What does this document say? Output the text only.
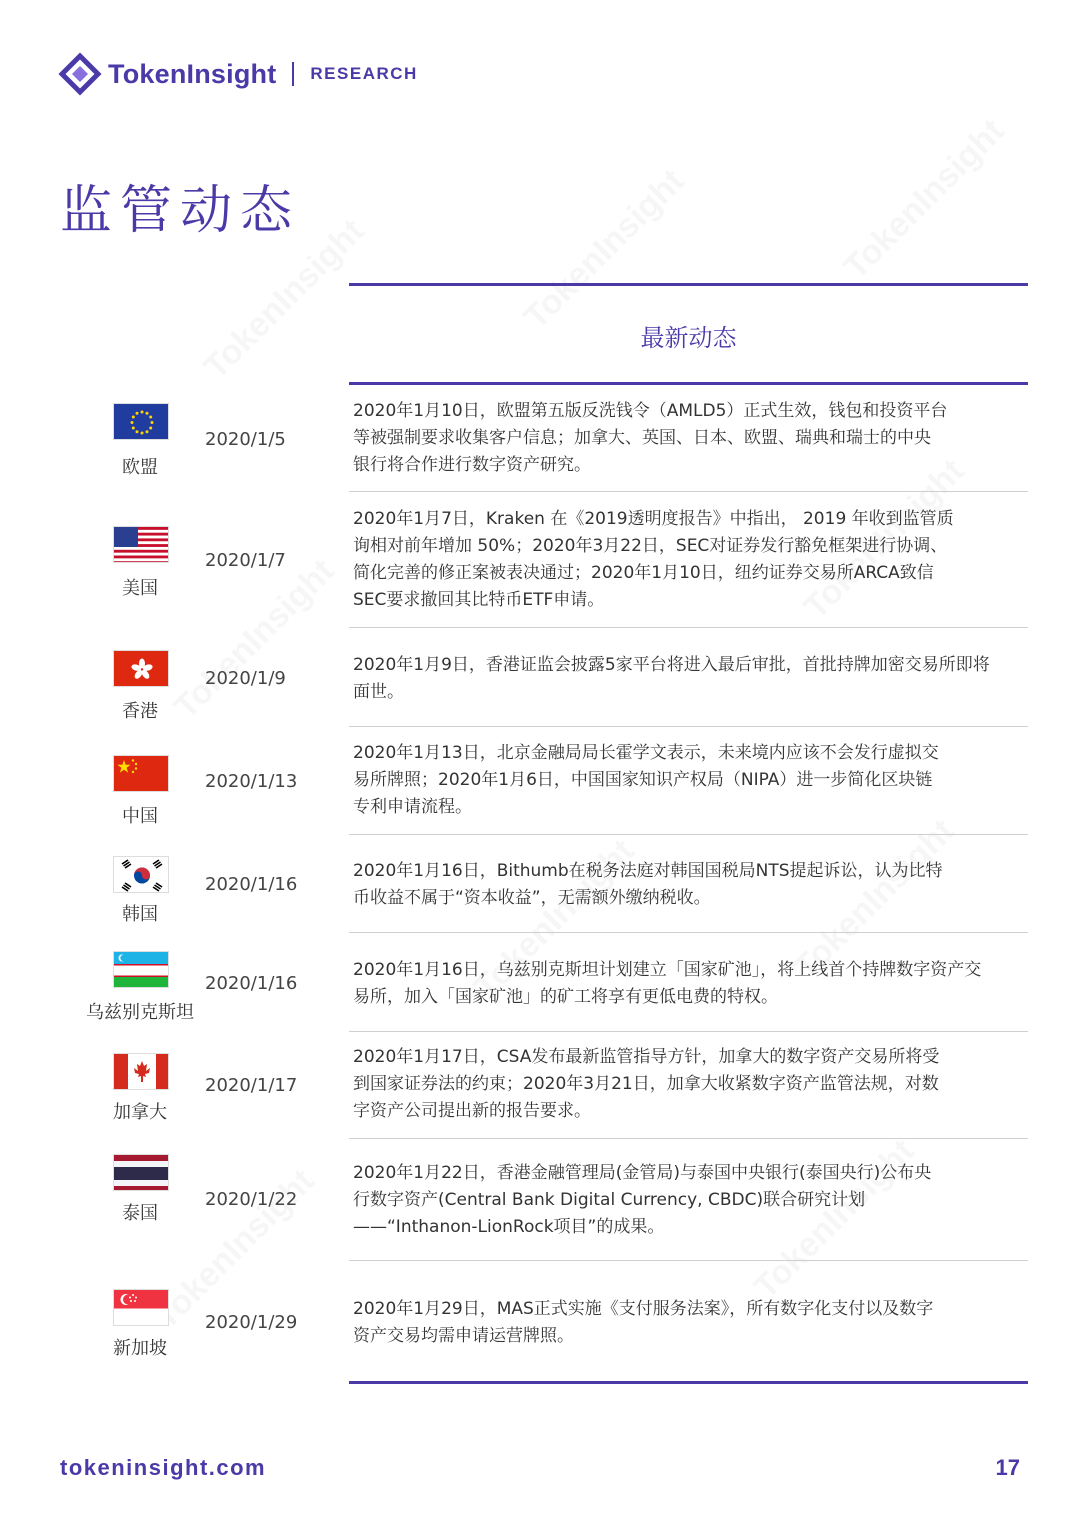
TokenInsight RESEARCH
监管动态
最新动态
欧盟
2020/1/5
2020年1月10日，欧盟第五版反洗钱令（AMLD5）正式生效，钱包和投资平台
等被强制要求收集客户信息；加拿大、英国、日本、欧盟、瑞典和瑞士的中央
银行将合作进行数字资产研究。
美国
2020/1/7
2020年1月7日，Kraken 在《2019透明度报告》中指出， 2019 年收到监管质
询相对前年增加 50%；2020年3月22日，SEC对证券发行豁免框架进行协调、
简化完善的修正案被表决通过；2020年1月10日，纽约证券交易所ARCA致信
SEC要求撤回其比特币ETF申请。
香港
2020/1/9
2020年1月9日，香港证监会披露5家平台将进入最后审批，首批持牌加密交易所即将
面世。
中国
2020/1/13
2020年1月13日，北京金融局局长霍学文表示，未来境内应该不会发行虚拟交
易所牌照；2020年1月6日，中国国家知识产权局（NIPA）进一步简化区块链
专利申请流程。
韩国
2020/1/16
2020年1月16日，Bithumb在税务法庭对韩国国税局NTS提起诉讼，认为比特
币收益不属于“资本收益”，无需额外缴纳税收。
乌兹别克斯坦
2020/1/16
2020年1月16日，乌兹别克斯坦计划建立「国家矿池」，将上线首个持牌数字资产交
易所，加入「国家矿池」的矿工将享有更低电费的特权。
加拿大
2020/1/17
2020年1月17日，CSA发布最新监管指导方针，加拿大的数字资产交易所将受
到国家证券法的约束；2020年3月21日，加拿大收紧数字资产监管法规，对数
字资产公司提出新的报告要求。
泰国
2020/1/22
2020年1月22日，香港金融管理局(金管局)与泰国中央银行(泰国央行)公布央
行数字资产(Central Bank Digital Currency, CBDC)联合研究计划
——“Inthanon-LionRock项目”的成果。
新加坡
2020/1/29
2020年1月29日，MAS正式实施《支付服务法案》，所有数字化支付以及数字
资产交易均需申请运营牌照。
tokeninsight.com	17
